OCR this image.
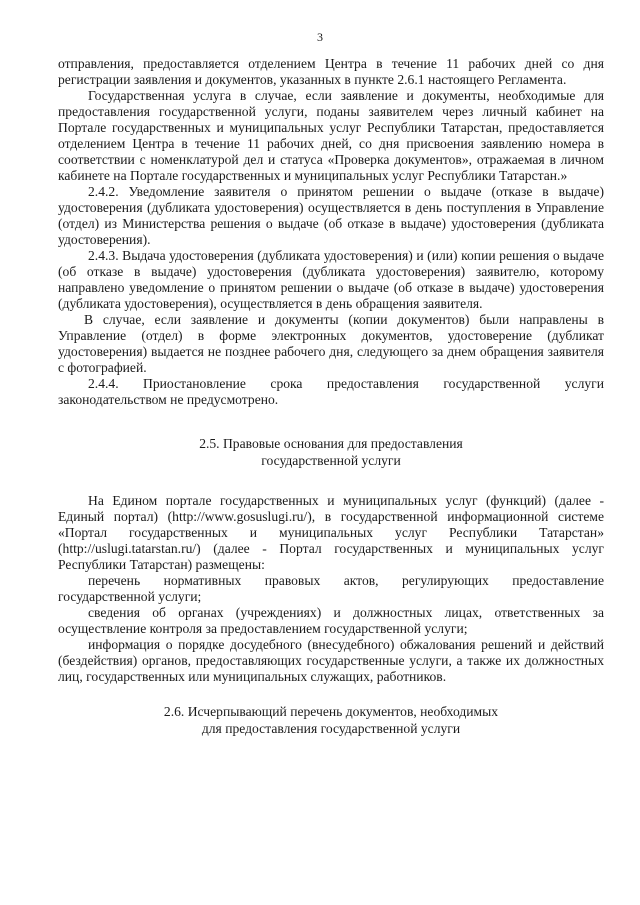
3

отправления, предоставляется отделением Центра в течение 11 рабочих дней со дня регистрации заявления и документов, указанных в пункте 2.6.1 настоящего Регламента.

Государственная услуга в случае, если заявление и документы, необходимые для предоставления государственной услуги, поданы заявителем через личный кабинет на Портале государственных и муниципальных услуг Республики Татарстан, предоставляется отделением Центра в течение 11 рабочих дней, со дня присвоения заявлению номера в соответствии с номенклатурой дел и статуса «Проверка документов», отражаемая в личном кабинете на Портале государственных и муниципальных услуг Республики Татарстан.»

2.4.2. Уведомление заявителя о принятом решении о выдаче (отказе в выдаче) удостоверения (дубликата удостоверения) осуществляется в день поступления в Управление (отдел) из Министерства решения о выдаче (об отказе в выдаче) удостоверения (дубликата удостоверения).

2.4.3. Выдача удостоверения (дубликата удостоверения) и (или) копии решения о выдаче (об отказе в выдаче) удостоверения (дубликата удостоверения) заявителю, которому направлено уведомление о принятом решении о выдаче (об отказе в выдаче) удостоверения (дубликата удостоверения), осуществляется в день обращения заявителя.

В случае, если заявление и документы (копии документов) были направлены в Управление (отдел) в форме электронных документов, удостоверение (дубликат удостоверения) выдается не позднее рабочего дня, следующего за днем обращения заявителя с фотографией.

2.4.4. Приостановление срока предоставления государственной услуги законодательством не предусмотрено.

2.5. Правовые основания для предоставления
государственной услуги

На Едином портале государственных и муниципальных услуг (функций) (далее - Единый портал) (http://www.gosuslugi.ru/), в государственной информационной системе «Портал государственных и муниципальных услуг Республики Татарстан» (http://uslugi.tatarstan.ru/) (далее - Портал государственных и муниципальных услуг Республики Татарстан) размещены:

перечень нормативных правовых актов, регулирующих предоставление государственной услуги;

сведения об органах (учреждениях) и должностных лицах, ответственных за осуществление контроля за предоставлением государственной услуги;

информация о порядке досудебного (внесудебного) обжалования решений и действий (бездействия) органов, предоставляющих государственные услуги, а также их должностных лиц, государственных или муниципальных служащих, работников.

2.6. Исчерпывающий перечень документов, необходимых
для предоставления государственной услуги
